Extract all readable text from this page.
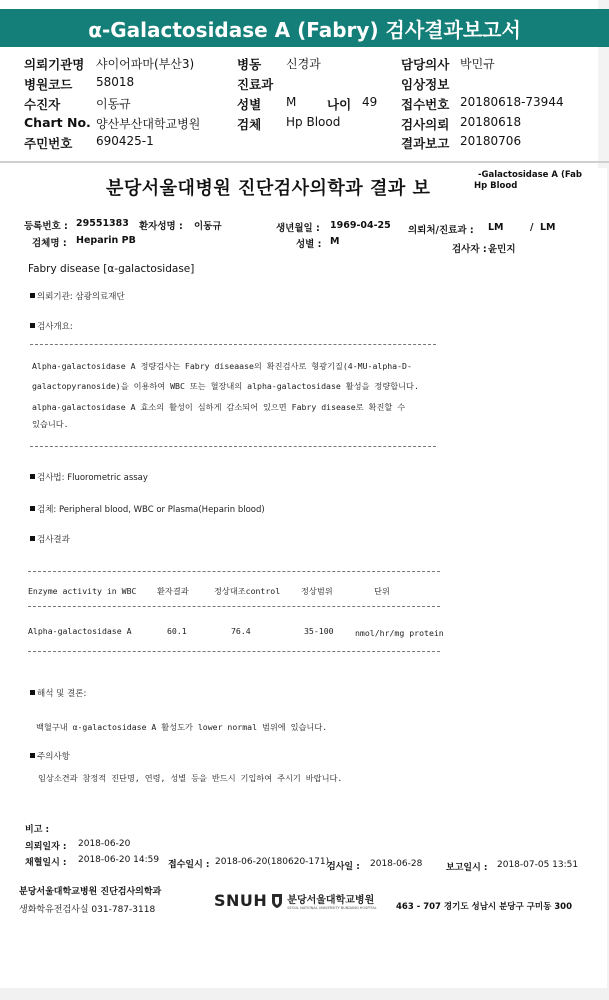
α-Galactosidase A (Fabry) 검사결과보고서
의뢰기관명 샤이어파마(부산3)	병동 신경과	담당의사 박민규
병원코드 58018	진료과	임상정보
수진자	이동규	성별 M 나이 49 접수번호 20180618-73944
Chart No. 양산부산대학교병원	검체 Hp Blood	검사의뢰 20180618
주민번호 690425-1	결과보고 20180706
분당서울대병원 진단검사의학과 결과 보
-Galactosidase A (Fab
Hp Blood
등록번호 : 29551383 환자성명 : 이동규	생년월일 : 1969-04-25 의뢰처/진료과 : LM	/ LM
검체명 : Heparin PB	성별 : M
검사자 : 윤민지
Fabry disease [α-galactosidase]
의뢰기관: 삼광의료재단
검사개요:
Alpha-galactosidase A 정량검사는 Fabry diseaase의 확진검사로 형광기질(4-MU-alpha-D-
galactopyranoside)을 이용하여 WBC 또는 혈장내의 alpha-galactosidase 활성을 정량합니다.
alpha-galactosidase A 효소의 활성이 심하게 감소되어 있으면 Fabry disease로 확진할 수
있습니다.
검사법: Fluorometric assay
검체: Peripheral blood, WBC or Plasma(Heparin blood)
검사결과
Enzyme activity in WBC	환자결과	정상대조control	정상범위	단위
Alpha-galactosidase A	60.1	76.4	35-100	nmol/hr/mg protein
해석 및 결론:
백혈구내 α-galactosidase A 활성도가 lower normal 범위에 있습니다.
주의사항
임상소견과 참정적 진단명, 연령, 성별 등을 반드시 기입하여 주시기 바랍니다.
비고 :
의뢰일자 : 2018-06-20
채혈일시 : 2018-06-20 14:59 접수일시 : 2018-06-20(180620-171)
검사일 : 2018-06-28	보고일시 : 2018-07-05 13:51
분당서울대학교병원 진단검사의학과
생화학유전검사실 031-787-3118	463 - 707 경기도 성남시 분당구 구미동 300
SNUH 분당서울대학교병원
SEOUL NATIONAL UNIVERSITY BUNDANG HOSPITAL
